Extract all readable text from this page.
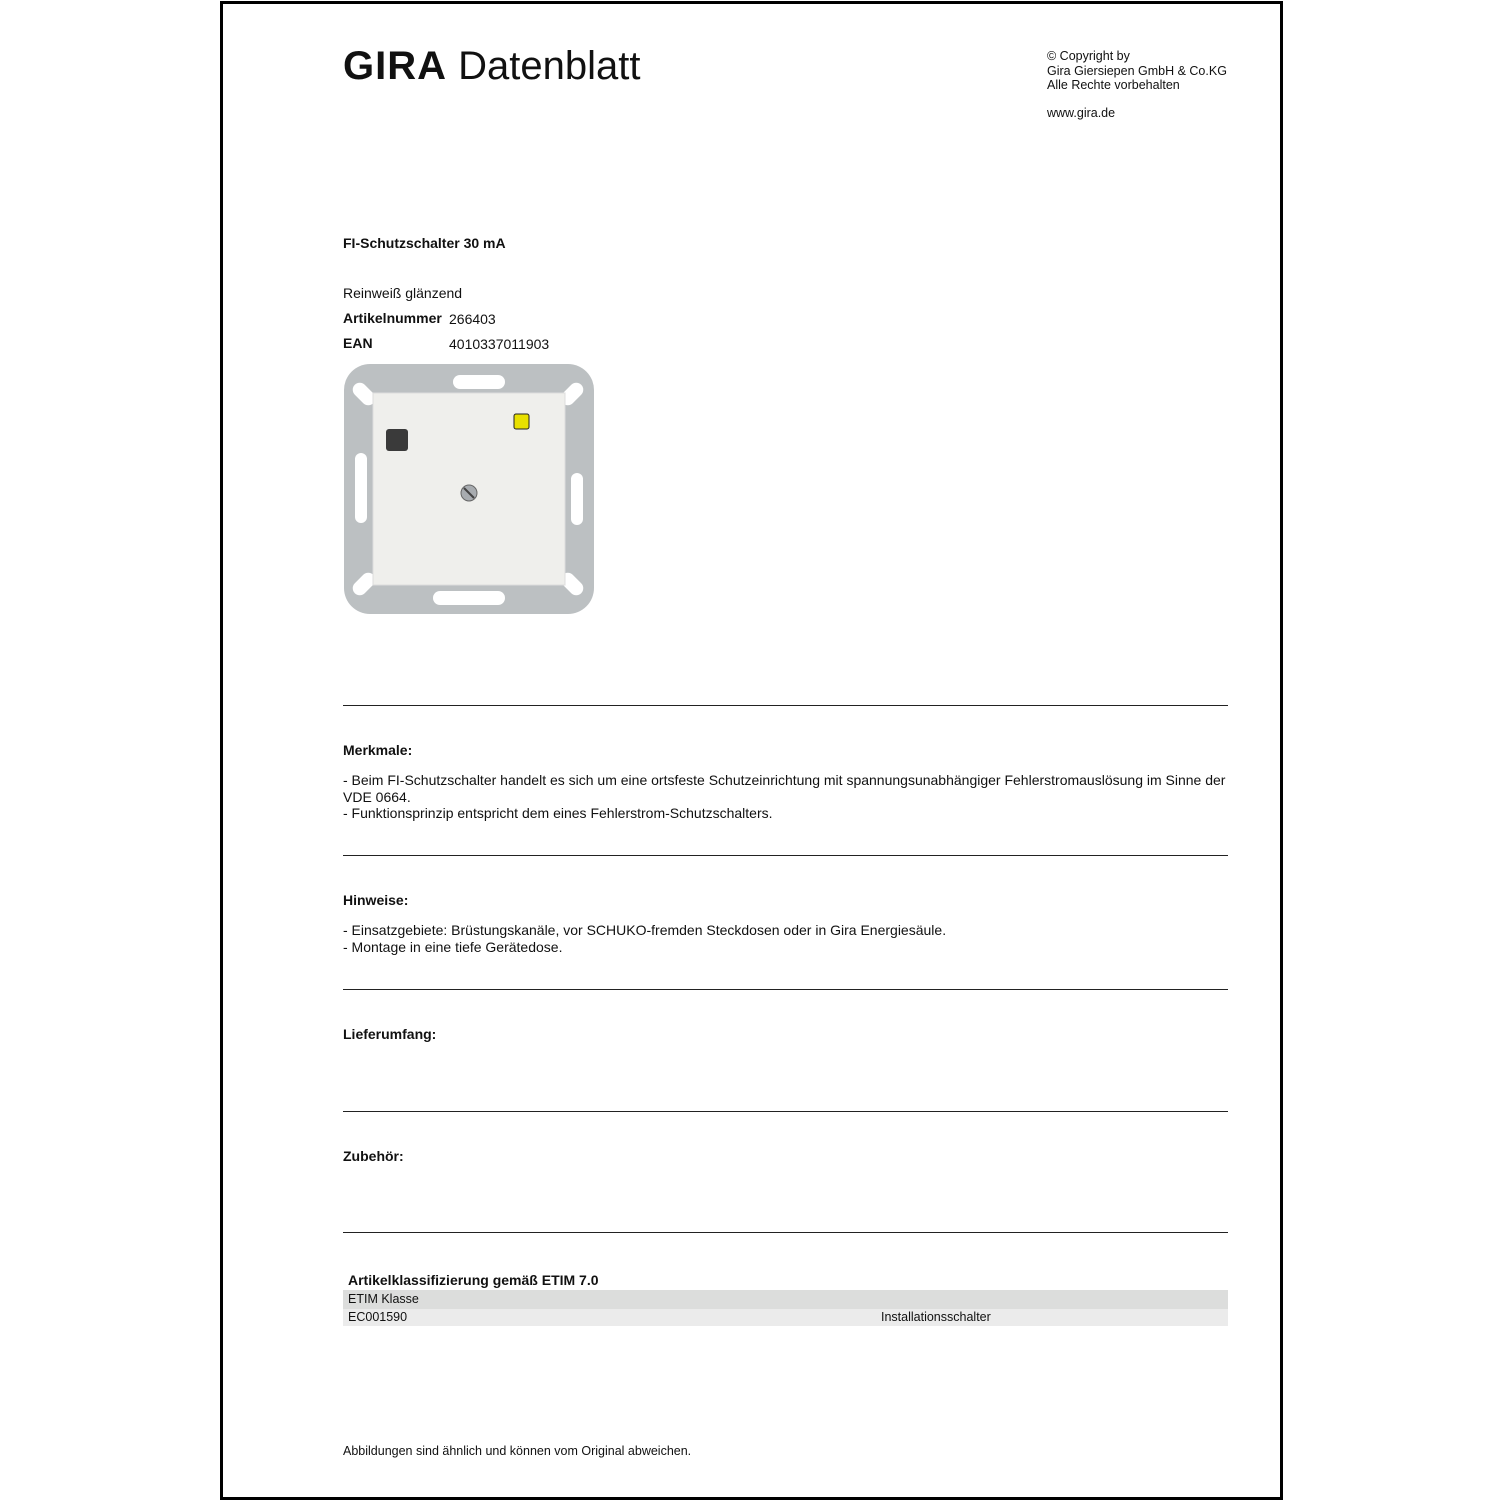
GIRA Datenblatt	© Copyright by
Gira Giersiepen GmbH & Co.KG
Alle Rechte vorbehalten
www.gira.de
FI-Schutzschalter 30 mA
Reinweiß glänzend
Artikelnummer 266403
EAN	4010337011903
Merkmale:
- Beim FI-Schutzschalter handelt es sich um eine ortsfeste Schutzeinrichtung mit spannungsunabhängiger Fehlerstromauslösung im Sinne der VDE 0664.
- Funktionsprinzip entspricht dem eines Fehlerstrom-Schutzschalters.
Hinweise:
- Einsatzgebiete: Brüstungskanäle, vor SCHUKO-fremden Steckdosen oder in Gira Energiesäule.
- Montage in eine tiefe Gerätedose.
Lieferumfang:
Zubehör:
Artikelklassifizierung gemäß ETIM 7.0
ETIM Klasse
EC001590	Installationsschalter
Abbildungen sind ähnlich und können vom Original abweichen.
